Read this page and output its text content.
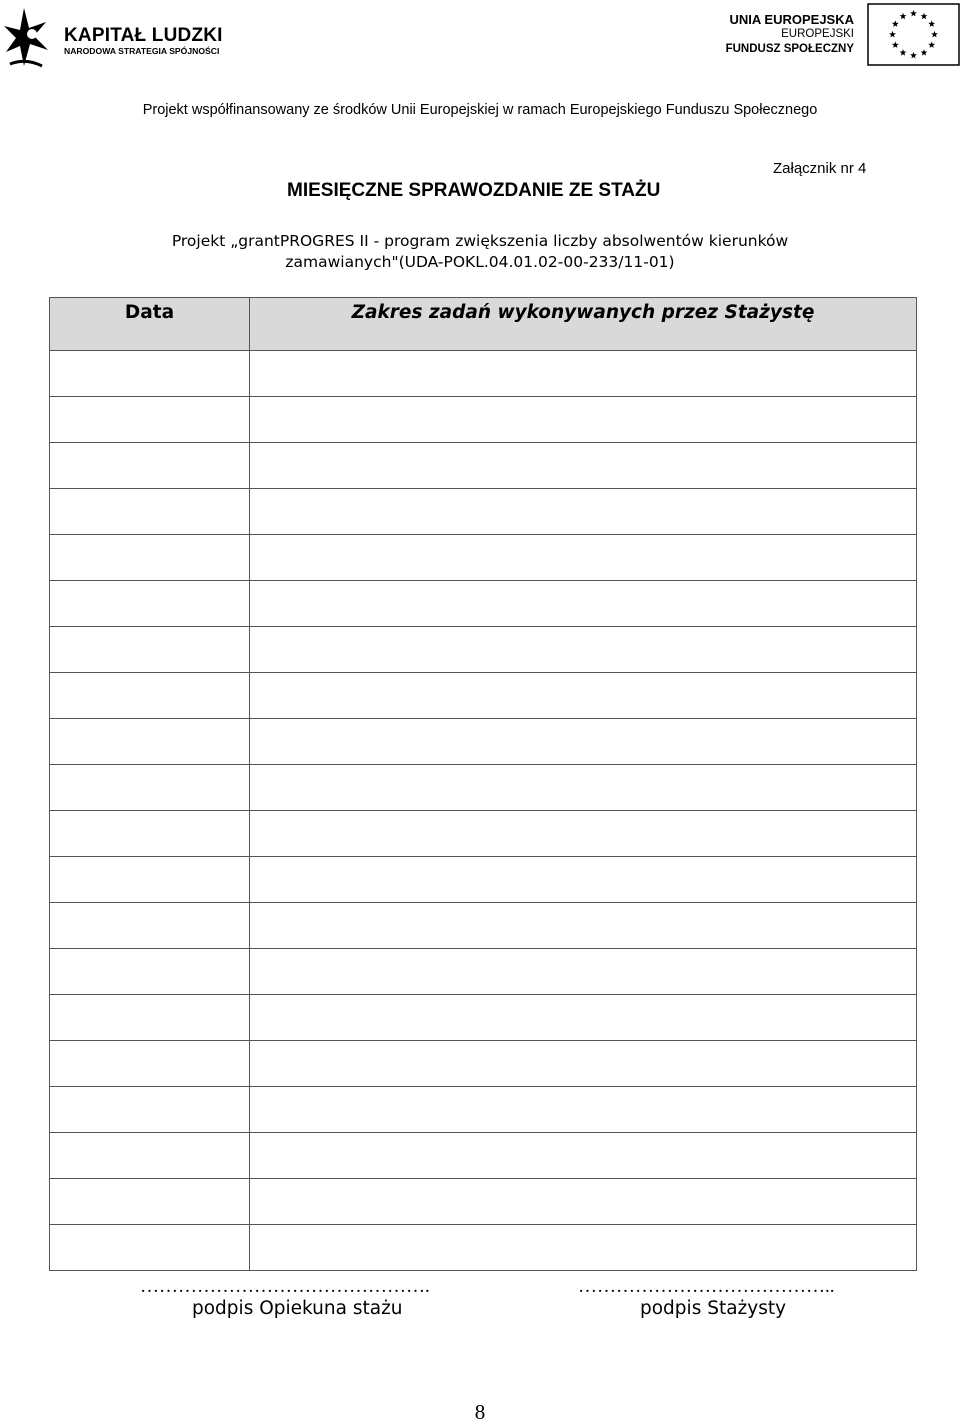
KAPITAŁ LUDZKI
NARODOWA STRATEGIA SPÓJNOŚCI
UNIA EUROPEJSKA
EUROPEJSKI
FUNDUSZ SPOŁECZNY
Projekt współfinansowany ze środków Unii Europejskiej w ramach Europejskiego Funduszu Społecznego
MIESIĘCZNE SPRAWOZDANIE ZE STAŻU
Załącznik nr 4
Projekt „grantPROGRES II - program zwiększenia liczby absolwentów kierunków
zamawianych"(UDA-POKL.04.01.02-00-233/11-01)
Data	Zakres zadań wykonywanych przez Stażystę

……………………………………….
podpis Opiekuna stażu
…………………………………..
podpis Stażysty
8
